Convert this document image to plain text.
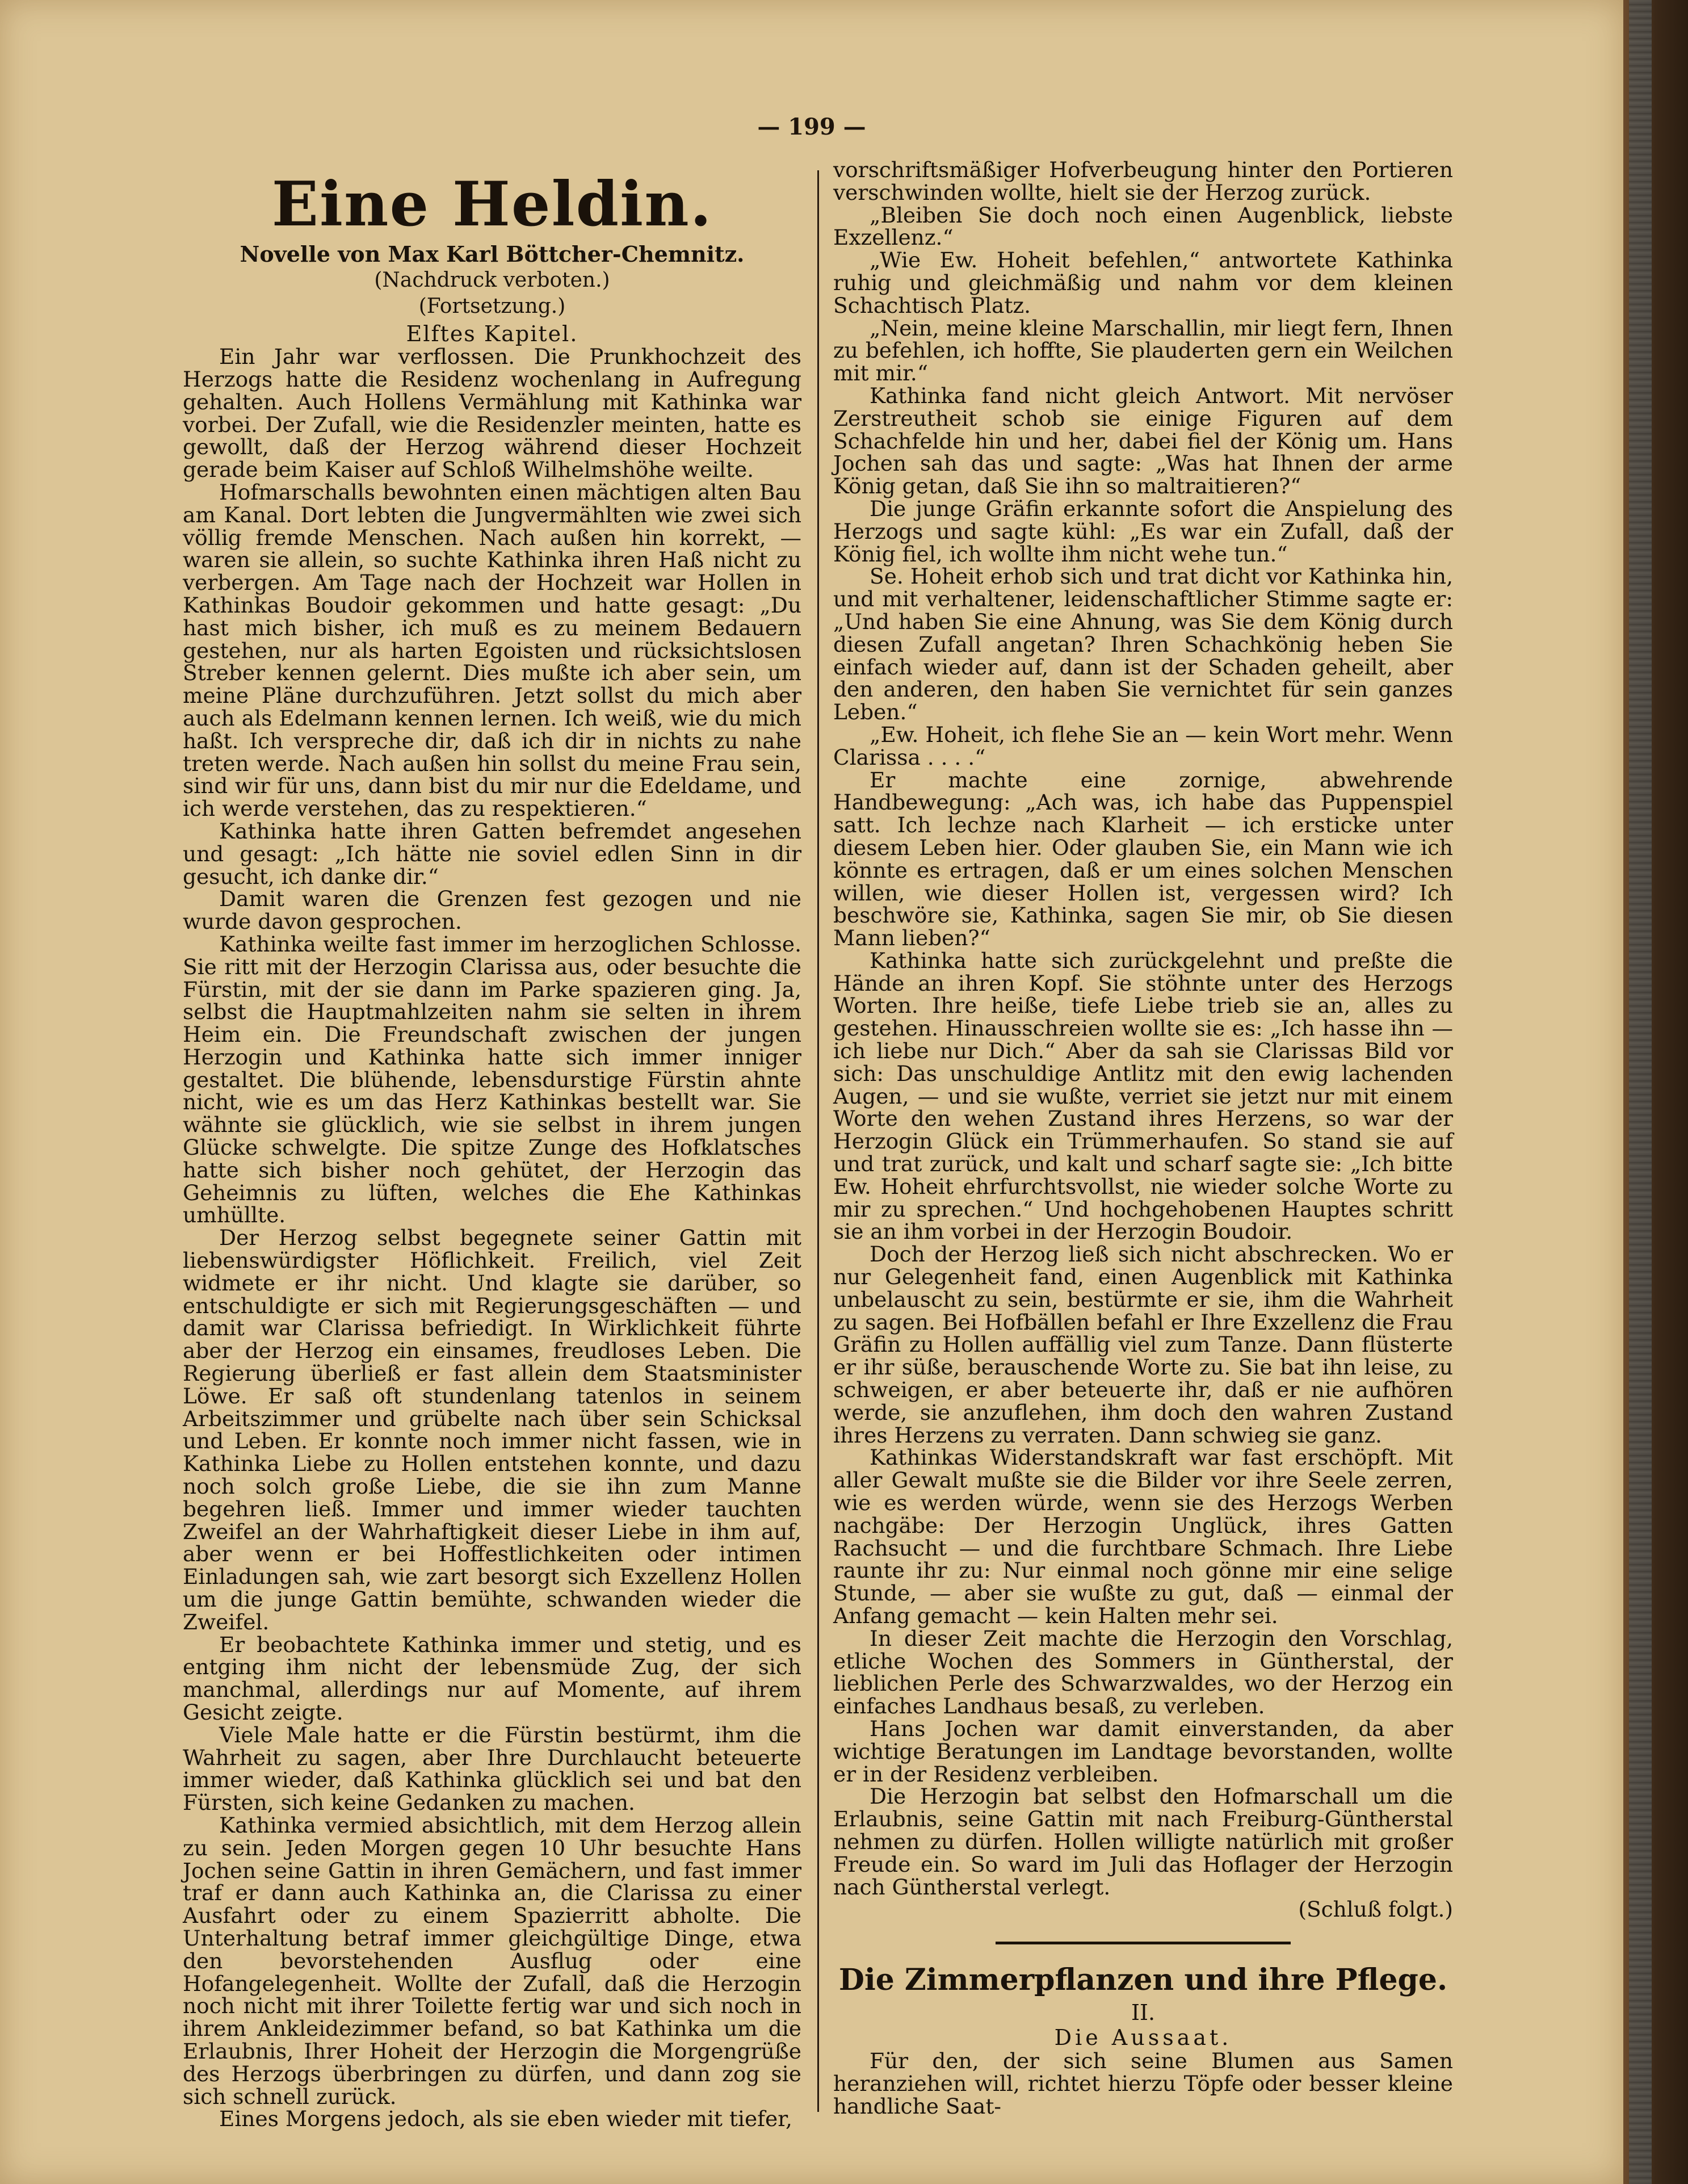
— 199 —
Eine Heldin.
Novelle von Max Karl Böttcher-Chemnitz.
(Nachdruck verboten.)
(Fortsetzung.)
Elftes Kapitel.

Ein Jahr war verflossen. Die Prunkhochzeit des Herzogs hatte die Residenz wochenlang in Aufregung gehalten. Auch Hollens Vermählung mit Kathinka war vorbei. Der Zufall, wie die Residenzler meinten, hatte es gewollt, daß der Herzog während dieser Hochzeit gerade beim Kaiser auf Schloß Wilhelmshöhe weilte.

Hofmarschalls bewohnten einen mächtigen alten Bau am Kanal. Dort lebten die Jungvermählten wie zwei sich völlig fremde Menschen. Nach außen hin korrekt, — waren sie allein, so suchte Kathinka ihren Haß nicht zu verbergen. Am Tage nach der Hochzeit war Hollen in Kathinkas Boudoir gekommen und hatte gesagt: „Du hast mich bisher, ich muß es zu meinem Bedauern gestehen, nur als harten Egoisten und rücksichtslosen Streber kennen gelernt. Dies mußte ich aber sein, um meine Pläne durchzuführen. Jetzt sollst du mich aber auch als Edelmann kennen lernen. Ich weiß, wie du mich haßt. Ich verspreche dir, daß ich dir in nichts zu nahe treten werde. Nach außen hin sollst du meine Frau sein, sind wir für uns, dann bist du mir nur die Edeldame, und ich werde verstehen, das zu respektieren.“

Kathinka hatte ihren Gatten befremdet angesehen und gesagt: „Ich hätte nie soviel edlen Sinn in dir gesucht, ich danke dir.“

Damit waren die Grenzen fest gezogen und nie wurde davon gesprochen.

Kathinka weilte fast immer im herzoglichen Schlosse. Sie ritt mit der Herzogin Clarissa aus, oder besuchte die Fürstin, mit der sie dann im Parke spazieren ging. Ja, selbst die Hauptmahlzeiten nahm sie selten in ihrem Heim ein. Die Freundschaft zwischen der jungen Herzogin und Kathinka hatte sich immer inniger gestaltet. Die blühende, lebensdurstige Fürstin ahnte nicht, wie es um das Herz Kathinkas bestellt war. Sie wähnte sie glücklich, wie sie selbst in ihrem jungen Glücke schwelgte. Die spitze Zunge des Hofklatsches hatte sich bisher noch gehütet, der Herzogin das Geheimnis zu lüften, welches die Ehe Kathinkas umhüllte.

Der Herzog selbst begegnete seiner Gattin mit liebenswürdigster Höflichkeit. Freilich, viel Zeit widmete er ihr nicht. Und klagte sie darüber, so entschuldigte er sich mit Regierungsgeschäften — und damit war Clarissa befriedigt. In Wirklichkeit führte aber der Herzog ein einsames, freudloses Leben. Die Regierung überließ er fast allein dem Staatsminister Löwe. Er saß oft stundenlang tatenlos in seinem Arbeitszimmer und grübelte nach über sein Schicksal und Leben. Er konnte noch immer nicht fassen, wie in Kathinka Liebe zu Hollen entstehen konnte, und dazu noch solch große Liebe, die sie ihn zum Manne begehren ließ. Immer und immer wieder tauchten Zweifel an der Wahrhaftigkeit dieser Liebe in ihm auf, aber wenn er bei Hoffestlichkeiten oder intimen Einladungen sah, wie zart besorgt sich Exzellenz Hollen um die junge Gattin bemühte, schwanden wieder die Zweifel.

Er beobachtete Kathinka immer und stetig, und es entging ihm nicht der lebensmüde Zug, der sich manchmal, allerdings nur auf Momente, auf ihrem Gesicht zeigte.

Viele Male hatte er die Fürstin bestürmt, ihm die Wahrheit zu sagen, aber Ihre Durchlaucht beteuerte immer wieder, daß Kathinka glücklich sei und bat den Fürsten, sich keine Gedanken zu machen.

Kathinka vermied absichtlich, mit dem Herzog allein zu sein. Jeden Morgen gegen 10 Uhr besuchte Hans Jochen seine Gattin in ihren Gemächern, und fast immer traf er dann auch Kathinka an, die Clarissa zu einer Ausfahrt oder zu einem Spazierritt abholte. Die Unterhaltung betraf immer gleichgültige Dinge, etwa den bevorstehenden Ausflug oder eine Hofangelegenheit. Wollte der Zufall, daß die Herzogin noch nicht mit ihrer Toilette fertig war und sich noch in ihrem Ankleidezimmer befand, so bat Kathinka um die Erlaubnis, Ihrer Hoheit der Herzogin die Morgengrüße des Herzogs überbringen zu dürfen, und dann zog sie sich schnell zurück.

Eines Morgens jedoch, als sie eben wieder mit tiefer,

vorschriftsmäßiger Hofverbeugung hinter den Portieren verschwinden wollte, hielt sie der Herzog zurück.

„Bleiben Sie doch noch einen Augenblick, liebste Exzellenz.“

„Wie Ew. Hoheit befehlen,“ antwortete Kathinka ruhig und gleichmäßig und nahm vor dem kleinen Schachtisch Platz.

„Nein, meine kleine Marschallin, mir liegt fern, Ihnen zu befehlen, ich hoffte, Sie plauderten gern ein Weilchen mit mir.“

Kathinka fand nicht gleich Antwort. Mit nervöser Zerstreutheit schob sie einige Figuren auf dem Schachfelde hin und her, dabei fiel der König um. Hans Jochen sah das und sagte: „Was hat Ihnen der arme König getan, daß Sie ihn so maltraitieren?“

Die junge Gräfin erkannte sofort die Anspielung des Herzogs und sagte kühl: „Es war ein Zufall, daß der König fiel, ich wollte ihm nicht wehe tun.“

Se. Hoheit erhob sich und trat dicht vor Kathinka hin, und mit verhaltener, leidenschaftlicher Stimme sagte er: „Und haben Sie eine Ahnung, was Sie dem König durch diesen Zufall angetan? Ihren Schachkönig heben Sie einfach wieder auf, dann ist der Schaden geheilt, aber den anderen, den haben Sie vernichtet für sein ganzes Leben.“

„Ew. Hoheit, ich flehe Sie an — kein Wort mehr. Wenn Clarissa . . . .“

Er machte eine zornige, abwehrende Handbewegung: „Ach was, ich habe das Puppenspiel satt. Ich lechze nach Klarheit — ich ersticke unter diesem Leben hier. Oder glauben Sie, ein Mann wie ich könnte es ertragen, daß er um eines solchen Menschen willen, wie dieser Hollen ist, vergessen wird? Ich beschwöre sie, Kathinka, sagen Sie mir, ob Sie diesen Mann lieben?“

Kathinka hatte sich zurückgelehnt und preßte die Hände an ihren Kopf. Sie stöhnte unter des Herzogs Worten. Ihre heiße, tiefe Liebe trieb sie an, alles zu gestehen. Hinausschreien wollte sie es: „Ich hasse ihn — ich liebe nur Dich.“ Aber da sah sie Clarissas Bild vor sich: Das unschuldige Antlitz mit den ewig lachenden Augen, — und sie wußte, verriet sie jetzt nur mit einem Worte den wehen Zustand ihres Herzens, so war der Herzogin Glück ein Trümmerhaufen. So stand sie auf und trat zurück, und kalt und scharf sagte sie: „Ich bitte Ew. Hoheit ehrfurchtsvollst, nie wieder solche Worte zu mir zu sprechen.“ Und hochgehobenen Hauptes schritt sie an ihm vorbei in der Herzogin Boudoir.

Doch der Herzog ließ sich nicht abschrecken. Wo er nur Gelegenheit fand, einen Augenblick mit Kathinka unbelauscht zu sein, bestürmte er sie, ihm die Wahrheit zu sagen. Bei Hofbällen befahl er Ihre Exzellenz die Frau Gräfin zu Hollen auffällig viel zum Tanze. Dann flüsterte er ihr süße, berauschende Worte zu. Sie bat ihn leise, zu schweigen, er aber beteuerte ihr, daß er nie aufhören werde, sie anzuflehen, ihm doch den wahren Zustand ihres Herzens zu verraten. Dann schwieg sie ganz.

Kathinkas Widerstandskraft war fast erschöpft. Mit aller Gewalt mußte sie die Bilder vor ihre Seele zerren, wie es werden würde, wenn sie des Herzogs Werben nachgäbe: Der Herzogin Unglück, ihres Gatten Rachsucht — und die furchtbare Schmach. Ihre Liebe raunte ihr zu: Nur einmal noch gönne mir eine selige Stunde, — aber sie wußte zu gut, daß — einmal der Anfang gemacht — kein Halten mehr sei.

In dieser Zeit machte die Herzogin den Vorschlag, etliche Wochen des Sommers in Güntherstal, der lieblichen Perle des Schwarzwaldes, wo der Herzog ein einfaches Landhaus besaß, zu verleben.

Hans Jochen war damit einverstanden, da aber wichtige Beratungen im Landtage bevorstanden, wollte er in der Residenz verbleiben.

Die Herzogin bat selbst den Hofmarschall um die Erlaubnis, seine Gattin mit nach Freiburg-Güntherstal nehmen zu dürfen. Hollen willigte natürlich mit großer Freude ein. So ward im Juli das Hoflager der Herzogin nach Güntherstal verlegt.

(Schluß folgt.)

Die Zimmerpflanzen und ihre Pflege.
II.
Die Aussaat.

Für den, der sich seine Blumen aus Samen heranziehen will, richtet hierzu Töpfe oder besser kleine handliche Saat-
